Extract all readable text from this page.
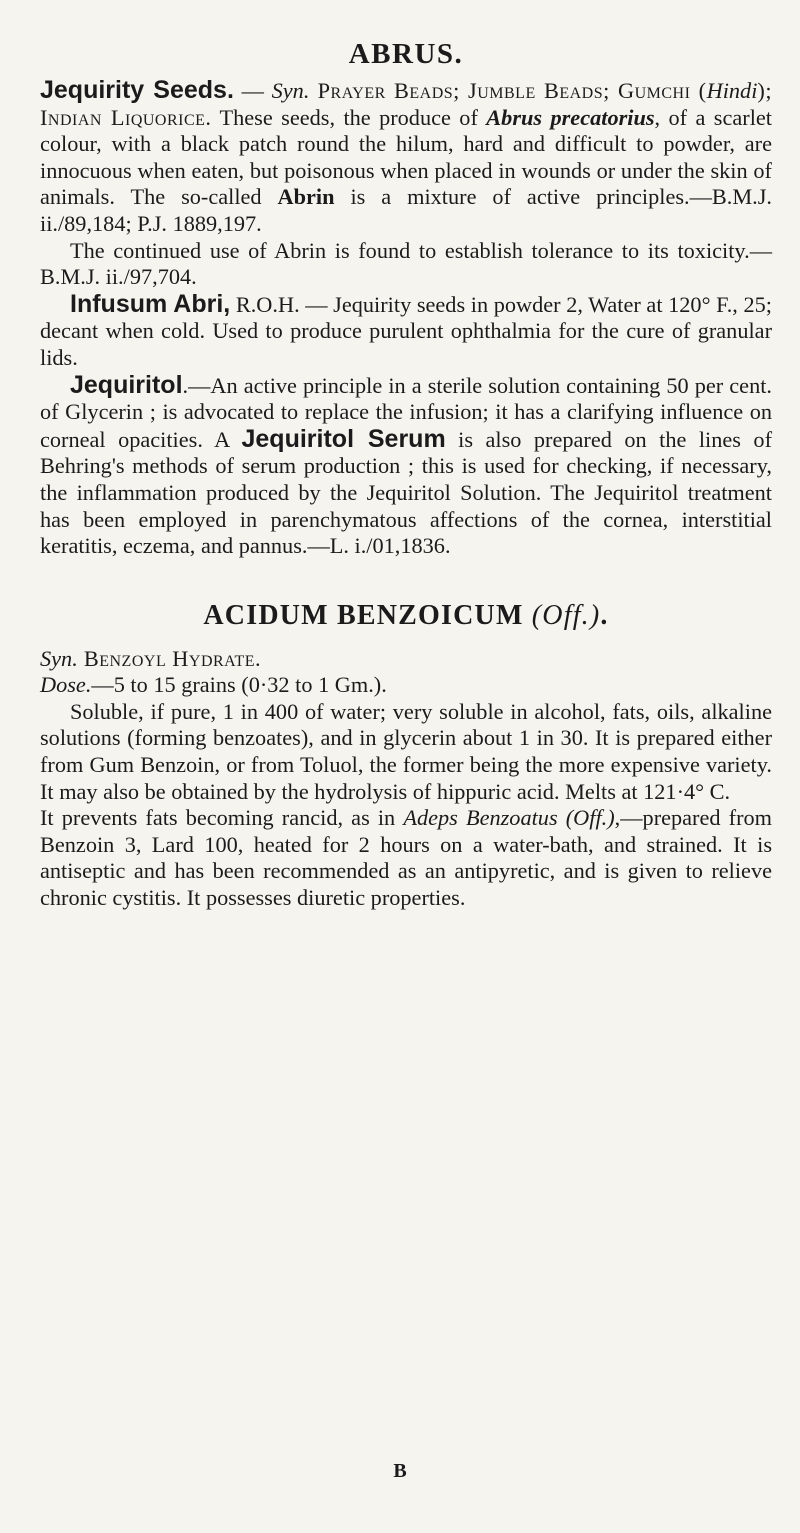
ABRUS.

Jequirity Seeds. — Syn. Prayer Beads; Jumble Beads; Gumchi (Hindi); Indian Liquorice. These seeds, the produce of Abrus precatorius, of a scarlet colour, with a black patch round the hilum, hard and difficult to powder, are innocuous when eaten, but poisonous when placed in wounds or under the skin of animals. The so-called Abrin is a mixture of active principles.—B.M.J. ii./89,184; P.J. 1889,197.

The continued use of Abrin is found to establish tolerance to its toxicity.—B.M.J. ii./97,704.

Infusum Abri, R.O.H. — Jequirity seeds in powder 2, Water at 120° F., 25; decant when cold. Used to produce purulent ophthalmia for the cure of granular lids.

Jequiritol.—An active principle in a sterile solution containing 50 per cent. of Glycerin ; is advocated to replace the infusion; it has a clarifying influence on corneal opacities. A Jequiritol Serum is also prepared on the lines of Behring's methods of serum production ; this is used for checking, if necessary, the inflammation produced by the Jequiritol Solution. The Jequiritol treatment has been employed in parenchymatous affections of the cornea, interstitial keratitis, eczema, and pannus.—L. i./01,1836.

ACIDUM BENZOICUM (Off.).

Syn. Benzoyl Hydrate.

Dose.—5 to 15 grains (0·32 to 1 Gm.).

Soluble, if pure, 1 in 400 of water; very soluble in alcohol, fats, oils, alkaline solutions (forming benzoates), and in glycerin about 1 in 30. It is prepared either from Gum Benzoin, or from Toluol, the former being the more expensive variety. It may also be obtained by the hydrolysis of hippuric acid. Melts at 121·4° C.

It prevents fats becoming rancid, as in Adeps Benzoatus (Off.),—prepared from Benzoin 3, Lard 100, heated for 2 hours on a water-bath, and strained. It is antiseptic and has been recommended as an antipyretic, and is given to relieve chronic cystitis. It possesses diuretic properties.

B
